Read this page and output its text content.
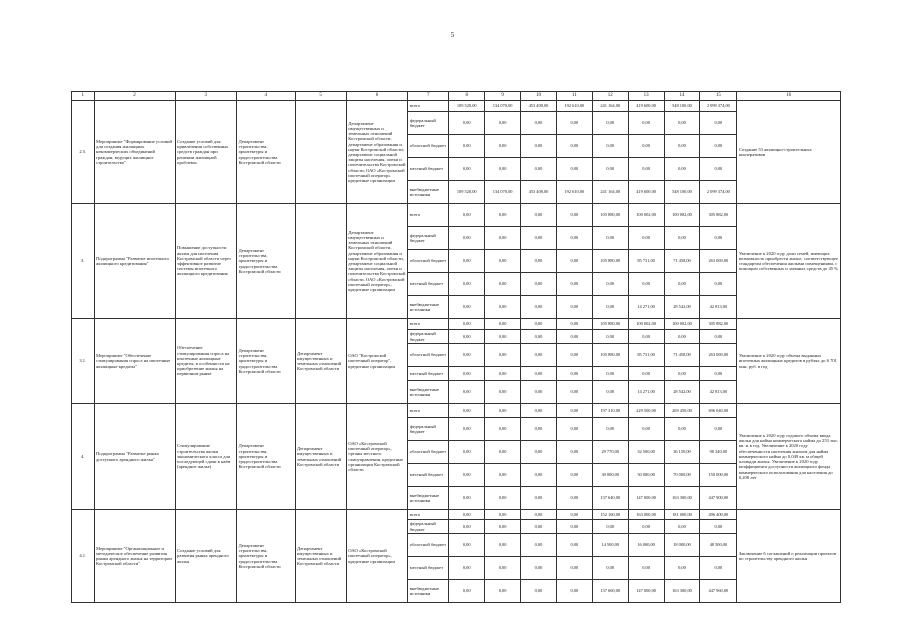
5
1	2	3	4	5	6	7	8	9	10	11	12	13	14	15	16
2.5.	Мероприятие "Формирование условий для создания жилищных некоммерческих объединений граждан, ведущих жилищное строительство"	Создание условий для привлечения собственных средств граждан при решении жилищной проблемы	Департамент строительства, архитектуры и градостроительства Костромской области		Департамент имущественных и земельных отношений Костромской области; департамент образования и науки Костромской области; департамент социальной защиты населения, опеки и попечительства Костромской области; ОАО «Костромской ипотечный оператор» кредитные организации	всего	109 520,00	134 070,00	453 408,00	192 610,00	241 164,00	419 600,00	548 100,00	2 099 374,00	Создание 53 жилищно-строительных кооперативов
						федеральный бюджет	0,00	0,00	0,00	0,00	0,00	0,00	0,00	0,00	
						областной бюджет	0,00	0,00	0,00	0,00	0,00	0,00	0,00	0,00	
						местный бюджет	0,00	0,00	0,00	0,00	0,00	0,00	0,00	0,00	
						внебюджетные источники	109 520,00	134 070,00	453 408,00	192 610,00	241 164,00	419 600,00	548 100,00	2 099 374,00	
3.	Подпрограмма "Развитие ипотечного жилищного кредитования"	Повышение доступности жилья для населения Костромской области через эффективное развитие системы ипотечного жилищного кредитования	Департамент строительства, архитектуры и градостроительства Костромской области		Департамент имущественных и земельных отношений Костромской области, департамент образования и науки Костромской области, департамент социальной защиты населения, опеки и попечительства Костромской области, ОАО «Костромской ипотечный оператор», кредитные организации	всего	0,00	0,00	0,00	0,00	105 880,00	100 002,00	100 002,00	305 882,00	Увеличение к 2020 году доли семей, имеющих возможность приобрести жилье, соответствующее стандартам обеспечения жилыми помещениями, с помощью собственных и заемных средств до 45 %
						федеральный бюджет	0,00	0,00	0,00	0,00	0,00	0,00	0,00	0,00	
						областной бюджет	0,00	0,00	0,00	0,00	105 880,00	85 731,00	71 458,00	263 069,00	
						местный бюджет	0,00	0,00	0,00	0,00	0,00	0,00	0,00	0,00	
						внебюджетные источники	0,00	0,00	0,00	0,00	0,00	14 271,00	28 542,00	42 813,00	
3.1.	Мероприятие "Обеспечение стимулирования спроса на ипотечные жилищные кредиты"	Обеспечение стимулирования спроса на ипотечные жилищные кредиты, в особенности на приобретение жилья на первичном рынке	Департамент строительства, архитектуры и градостроительства Костромской области	Департамент имущественных и земельных отношений Костромской области	ОАО "Костромской ипотечный оператор", кредитные организации	всего	0,00	0,00	0,00	0,00	105 880,00	100 002,00	100 002,00	305 882,00	Увеличение к 2020 году объема выданных ипотечных жилищных кредитов в рублях до 6 701 млн. руб. в год
						федеральный бюджет	0,00	0,00	0,00	0,00	0,00	0,00	0,00	0,00	
						областной бюджет	0,00	0,00	0,00	0,00	105 880,00	85 731,00	71 458,00	263 069,00	
						местный бюджет	0,00	0,00	0,00	0,00	0,00	0,00	0,00	0,00	
						внебюджетные источники	0,00	0,00	0,00	0,00	0,00	14 271,00	28 542,00	42 813,00	
4.	Подпрограмма "Развитие рынка доступного арендного жилья"	Стимулирование строительства жилья экономического класса для последующей сдачи в наём (арендное жилье)	Департамент строительства, архитектуры и градостроительства Костромской области	Департамент имущественных и земельных отношений Костромской области	ОАО «Костромской ипотечный оператор», органы местного самоуправления, кредитные организации Костромской области	всего	0,00	0,00	0,00	0,00	197 310,00	229 500,00	269 450,00	696 040,00	Увеличение к 2020 году годового объема ввода жилья для найма коммерческого найма до 253 тыс. кв. м в год. Увеличение к 2020 году обеспеченности населения жильем для найма коммерческого найма до 0,049 кв. м общей площади жилья. Увеличение к 2020 году коэффициента доступности жилищного фонда коммерческого использования для населения до 0,208 лет
						федеральный бюджет	0,00	0,00	0,00	0,00	0,00	0,00	0,00	0,00	
						областной бюджет	0,00	0,00	0,00	0,00	29 770,00	32 500,00	36 150,00	98 340,00	
						местный бюджет	0,00	0,00	0,00	0,00	30 000,00	50 000,00	70 000,00	150 000,00	
						внебюджетные источники	0,00	0,00	0,00	0,00	137 640,00	147 000,00	163 300,00	447 900,00	
4.1.	Мероприятие "Организационное и методическое обеспечение развития рынка арендного жилья на территории Костромской области"	Создание условий для развития рынка арендного жилья	Департамент строительства, архитектуры и градостроительства Костромской области	Департамент имущественных и земельных отношений Костромской области	ОАО «Костромской ипотечный оператор», кредитные организации	всего	0,00	0,00	0,00	0,00	152 160,00	163 000,00	181 000,00	496 400,00	Заключение 6 соглашений о реализации проектов по строительству арендного жилья
						федеральный бюджет	0,00	0,00	0,00	0,00	0,00	0,00	0,00	0,00	
						областной бюджет	0,00	0,00	0,00	0,00	14 500,00	16 000,00	18 000,00	48 500,00	
						местный бюджет	0,00	0,00	0,00	0,00	0,00	0,00	0,00	0,00	
						внебюджетные источники	0,00	0,00	0,00	0,00	137 660,00	147 000,00	163 300,00	447 960,00	
